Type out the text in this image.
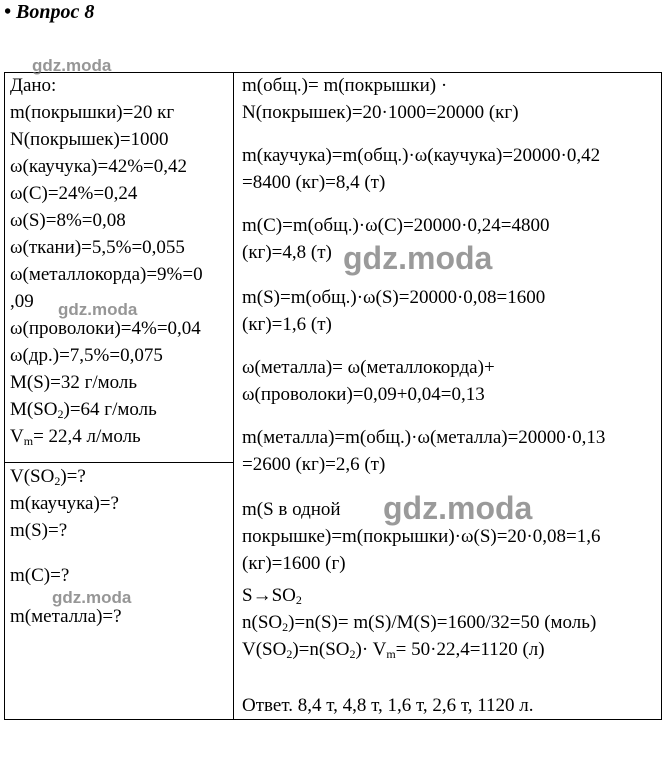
• Вопрос 8
Дано:
m(покрышки)=20 кг
N(покрышек)=1000
ω(каучука)=42%=0,42
ω(C)=24%=0,24
ω(S)=8%=0,08
ω(ткани)=5,5%=0,055
ω(металлокорда)=9%=0
,09
ω(проволоки)=4%=0,04
ω(др.)=7,5%=0,075
M(S)=32 г/моль
$M(SO_2)=64$ г/моль
$V_m= 22,4$ л/моль
$V(SO_2)=$?
m(каучука)=?
m(S)=?
m(C)=?
m(металла)=?
m(общ.)= m(покрышки) ·
N(покрышек)=20·1000=20000 (кг)
m(каучука)=m(общ.)·ω(каучука)=20000·0,42
=8400 (кг)=8,4 (т)
m(C)=m(общ.)·ω(C)=20000·0,24=4800
(кг)=4,8 (т)
m(S)=m(общ.)·ω(S)=20000·0,08=1600
(кг)=1,6 (т)
ω(металла)= ω(металлокорда)+
ω(проволоки)=0,09+0,04=0,13
m(металла)=m(общ.)·ω(металла)=20000·0,13
=2600 (кг)=2,6 (т)
m(S в одной
покрышке)=m(покрышки)·ω(S)=20·0,08=1,6
(кг)=1600 (г)
$S\to SO_2$
$n(SO_2)=n(S)= m(S)/M(S)=1600/32=50$ (моль)
$V(SO_2)=n(SO_2)\cdot V_m= 50\cdot 22,4=1120$ (л)
Ответ. 8,4 т, 4,8 т, 1,6 т, 2,6 т, 1120 л.
gdz.moda
gdz.moda
gdz.moda
gdz.moda
gdz.moda
